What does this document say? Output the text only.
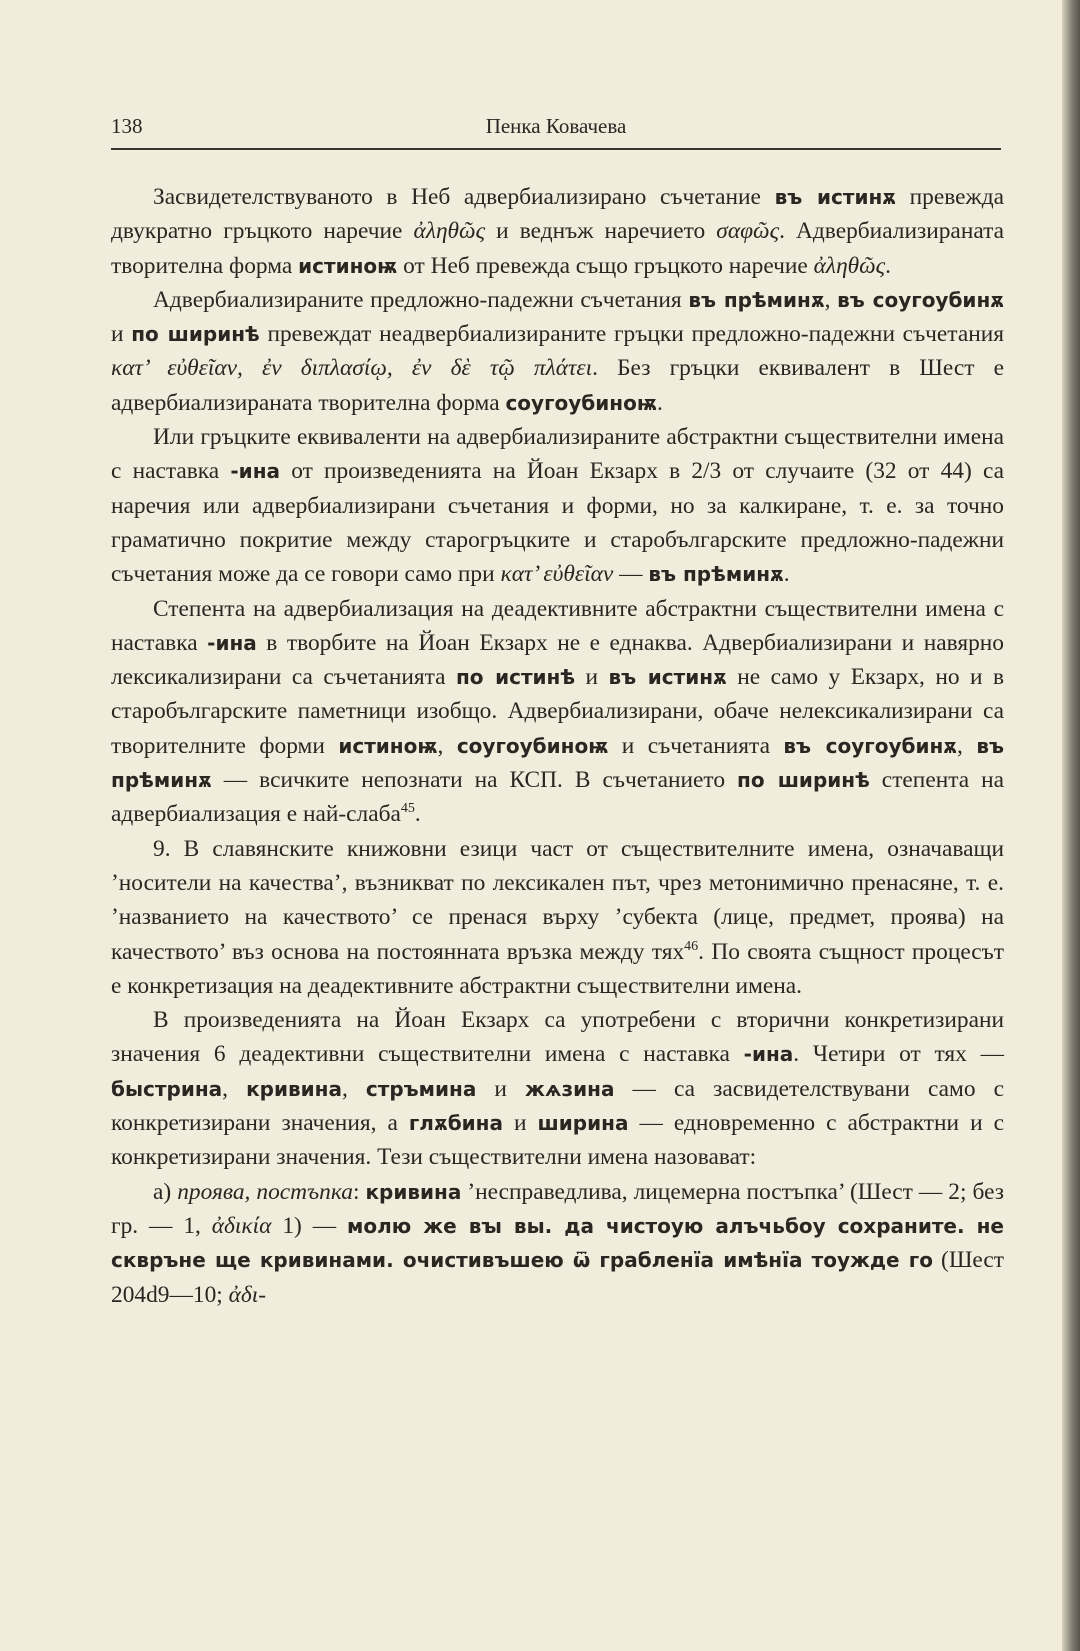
138	Пенка Ковачева

Засвидетелствуваното в Неб адвербиализирано съчетание въ истинѫ превежда двукратно гръцкото наречие ἀληθῶς и веднъж наречието σαφῶς. Адвербиализираната творителна форма истиноѭ от Неб превежда също гръцкото наречие ἀληθῶς.

Адвербиализираните предложно-падежни съчетания въ прѣминѫ, въ соугоубинѫ и по ширинѣ превеждат неадвербиализираните гръцки предложно-падежни съчетания κατ’ εὐθεῖαν, ἐν διπλασίῳ, ἐν δὲ τῷ πλάτει. Без гръцки еквивалент в Шест е адвербиализираната творителна форма соугоубиноѭ.

Или гръцките еквиваленти на адвербиализираните абстрактни съществителни имена с наставка -ина от произведенията на Йоан Екзарх в 2/3 от случаите (32 от 44) са наречия или адвербиализирани съчетания и форми, но за калкиране, т. е. за точно граматично покритие между старогръцките и старобългарските предложно-падежни съчетания може да се говори само при κατ’ εὐθεῖαν — въ прѣминѫ.

Степента на адвербиализация на деадективните абстрактни съществителни имена с наставка -ина в творбите на Йоан Екзарх не е еднаква. Адвербиализирани и навярно лексикализирани са съчетанията по истинѣ и въ истинѫ не само у Екзарх, но и в старобългарските паметници изобщо. Адвербиализирани, обаче нелексикализирани са творителните форми истиноѭ, соугоубиноѭ и съчетанията въ соугоубинѫ, въ прѣминѫ — всичките непознати на КСП. В съчетанието по ширинѣ степента на адвербиализация е най-слаба$^{45}$.

9. В славянските книжовни езици част от съществителните имена, означаващи ’носители на качества’, възникват по лексикален път, чрез метонимично пренасяне, т. е. ’названието на качеството’ се пренася върху ’субекта (лице, предмет, проява) на качеството’ въз основа на постоянната връзка между тях$^{46}$. По своята същност процесът е конкретизация на деадективните абстрактни съществителни имена.

В произведенията на Йоан Екзарх са употребени с вторични конкретизирани значения 6 деадективни съществителни имена с наставка -ина. Четири от тях — быстрина, кривина, стръмина и жѧзина — са засвидетелствувани само с конкретизирани значения, а глѫбина и ширина — едновременно с абстрактни и с конкретизирани значения. Тези съществителни имена назовават:

а) проява, постъпка: кривина ’несправедлива, лицемерна постъпка’ (Шест — 2; без гр. — 1, ἀδικία 1) — молю же вꙑ вы. да чистоую алъчьбоу сохраните. не сквръне ще кривинами. очистивъшею ѿ грабленїа имѣнїа тоужде го (Шест 204d9—10; ἀδι-
